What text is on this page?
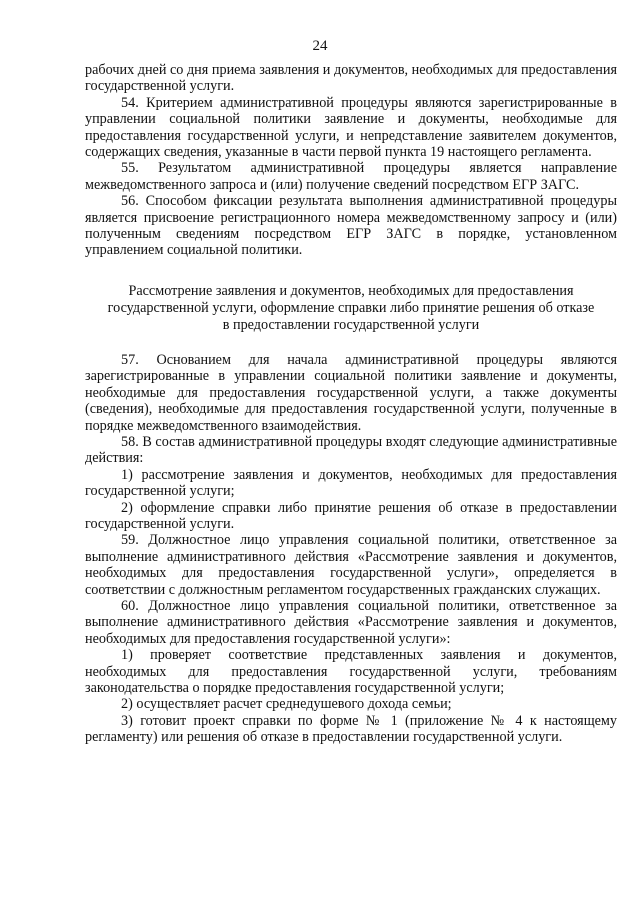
24

рабочих дней со дня приема заявления и документов, необходимых для предоставления государственной услуги.

54. Критерием административной процедуры являются зарегистрированные в управлении социальной политики заявление и документы, необходимые для предоставления государственной услуги, и непредставление заявителем документов, содержащих сведения, указанные в части первой пункта 19 настоящего регламента.

55. Результатом административной процедуры является направление межведомственного запроса и (или) получение сведений посредством ЕГР ЗАГС.

56. Способом фиксации результата выполнения административной процедуры является присвоение регистрационного номера межведомственному запросу и (или) полученным сведениям посредством ЕГР ЗАГС в порядке, установленном управлением социальной политики.

Рассмотрение заявления и документов, необходимых для предоставления
государственной услуги, оформление справки либо принятие решения об отказе
в предоставлении государственной услуги

57. Основанием для начала административной процедуры являются зарегистрированные в управлении социальной политики заявление и документы, необходимые для предоставления государственной услуги, а также документы (сведения), необходимые для предоставления государственной услуги, полученные в порядке межведомственного взаимодействия.

58. В состав административной процедуры входят следующие административные действия:

1) рассмотрение заявления и документов, необходимых для предоставления государственной услуги;

2) оформление справки либо принятие решения об отказе в предоставлении государственной услуги.

59. Должностное лицо управления социальной политики, ответственное за выполнение административного действия «Рассмотрение заявления и документов, необходимых для предоставления государственной услуги», определяется в соответствии с должностным регламентом государственных гражданских служащих.

60. Должностное лицо управления социальной политики, ответственное за выполнение административного действия «Рассмотрение заявления и документов, необходимых для предоставления государственной услуги»:

1) проверяет соответствие представленных заявления и документов, необходимых для предоставления государственной услуги, требованиям законодательства о порядке предоставления государственной услуги;

2) осуществляет расчет среднедушевого дохода семьи;

3) готовит проект справки по форме № 1 (приложение № 4 к настоящему регламенту) или решения об отказе в предоставлении государственной услуги.
